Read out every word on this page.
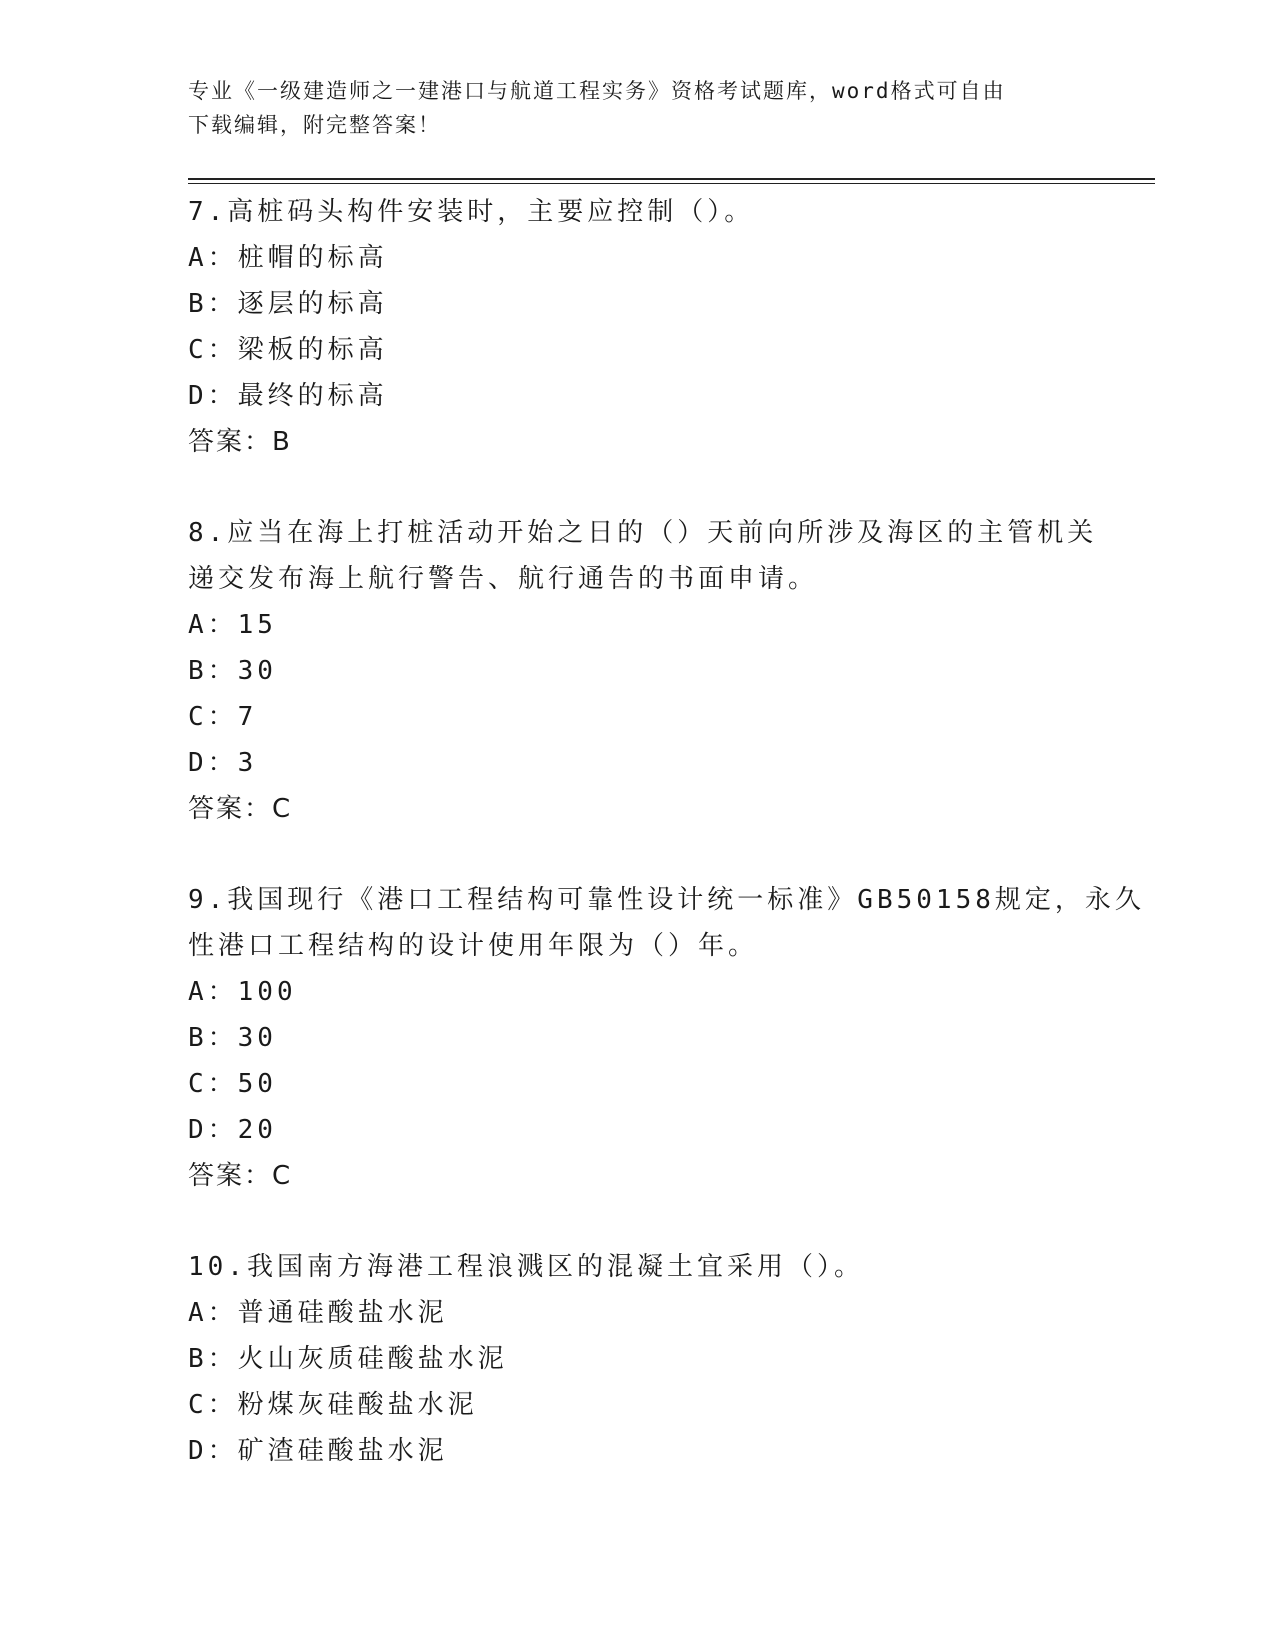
专业《一级建造师之一建港口与航道工程实务》资格考试题库，word格式可自由
下载编辑，附完整答案！
7.高桩码头构件安装时，主要应控制（）。
A：桩帽的标高
B：逐层的标高
C：梁板的标高
D：最终的标高
答案：B
8.应当在海上打桩活动开始之日的（）天前向所涉及海区的主管机关
递交发布海上航行警告、航行通告的书面申请。
A：15
B：30
C：7
D：3
答案：C
9.我国现行《港口工程结构可靠性设计统一标准》GB50158规定，永久
性港口工程结构的设计使用年限为（）年。
A：100
B：30
C：50
D：20
答案：C
10.我国南方海港工程浪溅区的混凝土宜采用（）。
A：普通硅酸盐水泥
B：火山灰质硅酸盐水泥
C：粉煤灰硅酸盐水泥
D：矿渣硅酸盐水泥
